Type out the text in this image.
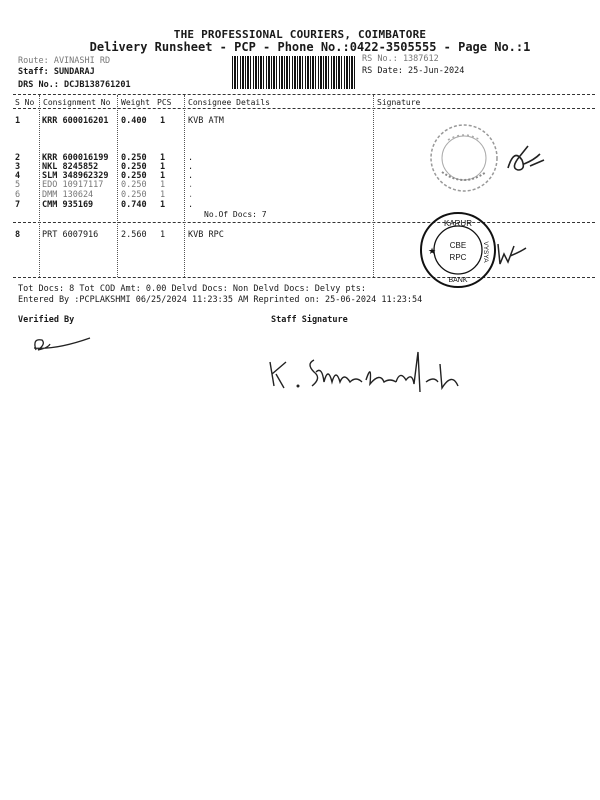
THE PROFESSIONAL COURIERS, COIMBATORE
Delivery Runsheet - PCP - Phone No.:0422-3505555 - Page No.:1
Route: AVINASHI RD
Staff: SUNDARAJ
DRS No.: DCJB138761201
RS No.: 1387612
RS Date: 25-Jun-2024
S No Consignment No Weight PCS Consignee Details	Signature
1	KRR 600016201 0.400 1	KVB ATM
2	KRR 600016199 0.250 1	.
3	NKL 8245852	0.250 1	.
4	SLM 348962329 0.250 1	.
5	EDO 10917117 0.250 1	.
6	DMM 130624	0.250 1	.
7	CMM 935169	0.740 1	.
No.Of Docs: 7
8	PRT 6007916	2.560 1	KVB RPC
KARUR
VYSYA
BANK
CBE
RPC
★
Tot Docs: 8 Tot COD Amt: 0.00 Delvd Docs: Non Delvd Docs: Delvy pts:
Entered By :PCPLAKSHMI 06/25/2024 11:23:35 AM Reprinted on: 25-06-2024 11:23:54
Verified By	Staff Signature
